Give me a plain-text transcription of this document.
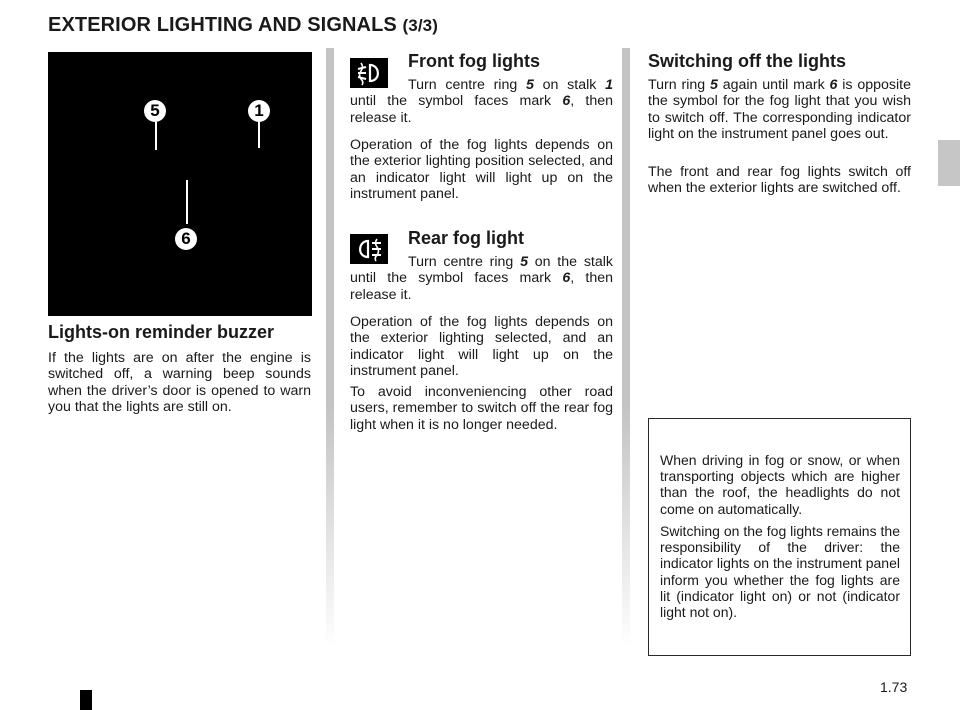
EXTERIOR LIGHTING AND SIGNALS (3/3)
5	1
6
Lights-on reminder buzzer

If the lights are on after the engine is switched off, a warning beep sounds when the driver’s door is opened to warn you that the lights are still on.

Front fog lights

Turn centre ring 5 on stalk 1 until the symbol faces mark 6, then release it.

Operation of the fog lights depends on the exterior lighting position selected, and an indicator light will light up on the instrument panel.

Rear fog light

Turn centre ring 5 on the stalk until the symbol faces mark 6, then release it.

Operation of the fog lights depends on the exterior lighting selected, and an indicator light will light up on the instrument panel.

To avoid inconveniencing other road users, remember to switch off the rear fog light when it is no longer needed.

Switching off the lights

Turn ring 5 again until mark 6 is opposite the symbol for the fog light that you wish to switch off. The corresponding indicator light on the instrument panel goes out.

The front and rear fog lights switch off when the exterior lights are switched off.

When driving in fog or snow, or when transporting objects which are higher than the roof, the headlights do not come on automatically.

Switching on the fog lights remains the responsibility of the driver: the indicator lights on the instrument panel inform you whether the fog lights are lit (indicator light on) or not (indicator light not on).

1.73
